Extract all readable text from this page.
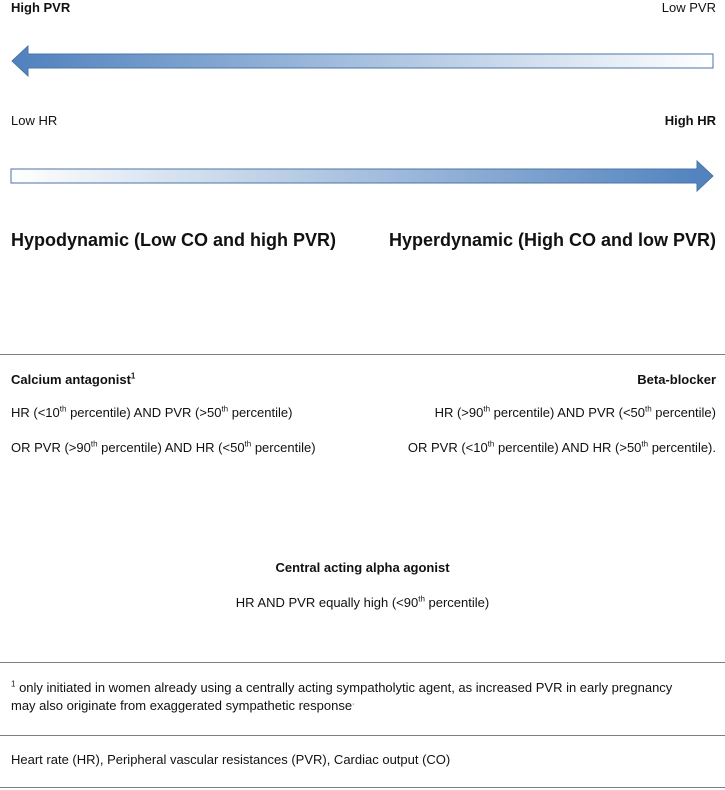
High PVR	Low PVR
Low HR	High HR
Hypodynamic (Low CO and high PVR)	Hyperdynamic (High CO and low PVR)
Calcium antagonist$^1$
HR (<10th percentile) AND PVR (>50th percentile)
OR PVR (>90th percentile) AND HR (<50th percentile)
Beta-blocker
HR (>90th percentile) AND PVR (<50th percentile)
OR PVR (<10th percentile) AND HR (>50th percentile).
Central acting alpha agonist
HR AND PVR equally high (<90th percentile)
$^1$ only initiated in women already using a centrally acting sympatholytic agent, as increased PVR in early pregnancy
may also originate from exaggerated sympathetic response.
Heart rate (HR), Peripheral vascular resistances (PVR), Cardiac output (CO)
